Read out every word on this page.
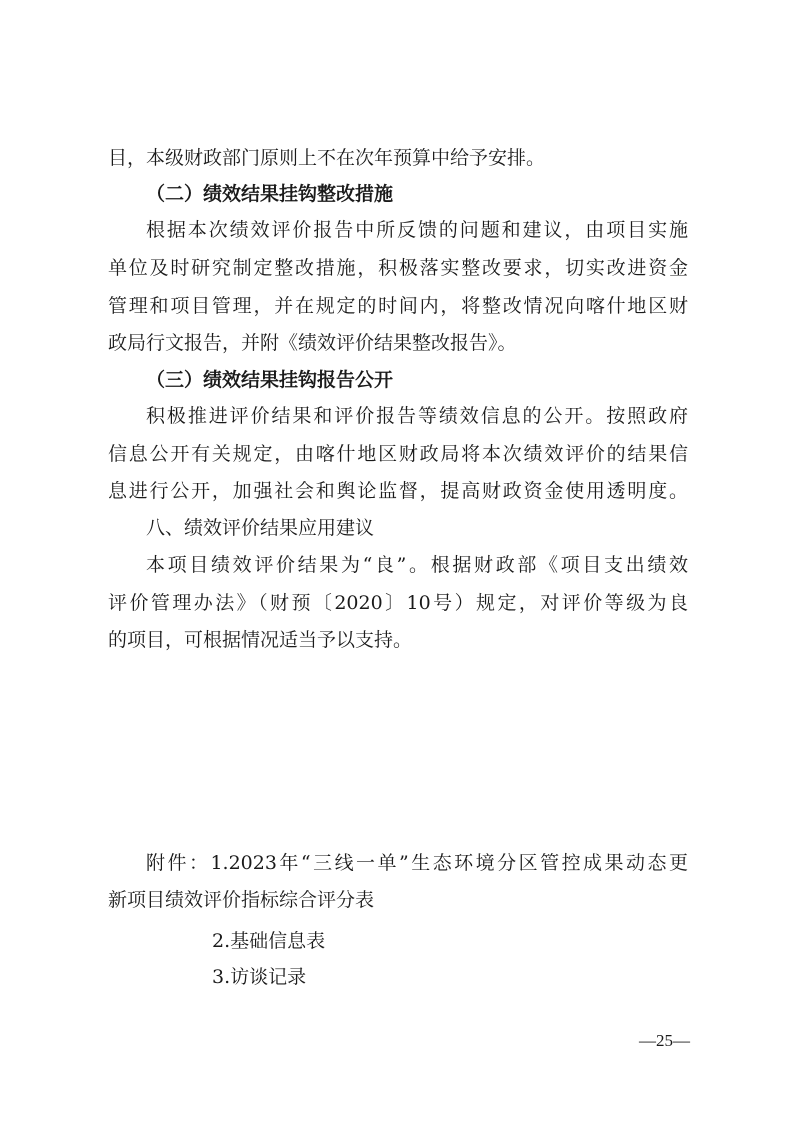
目，本级财政部门原则上不在次年预算中给予安排。
（二）绩效结果挂钩整改措施
根据本次绩效评价报告中所反馈的问题和建议，由项目实施
单位及时研究制定整改措施，积极落实整改要求，切实改进资金
管理和项目管理，并在规定的时间内，将整改情况向喀什地区财
政局行文报告，并附《绩效评价结果整改报告》。
（三）绩效结果挂钩报告公开
积极推进评价结果和评价报告等绩效信息的公开。按照政府
信息公开有关规定，由喀什地区财政局将本次绩效评价的结果信
息进行公开，加强社会和舆论监督，提高财政资金使用透明度。
八、绩效评价结果应用建议
本项目绩效评价结果为“良”。根据财政部《项目支出绩效
评价管理办法》（财预〔2020〕10号）规定，对评价等级为良
的项目，可根据情况适当予以支持。
附件：1.2023年“三线一单”生态环境分区管控成果动态更
新项目绩效评价指标综合评分表
2.基础信息表
3.访谈记录
—25—
